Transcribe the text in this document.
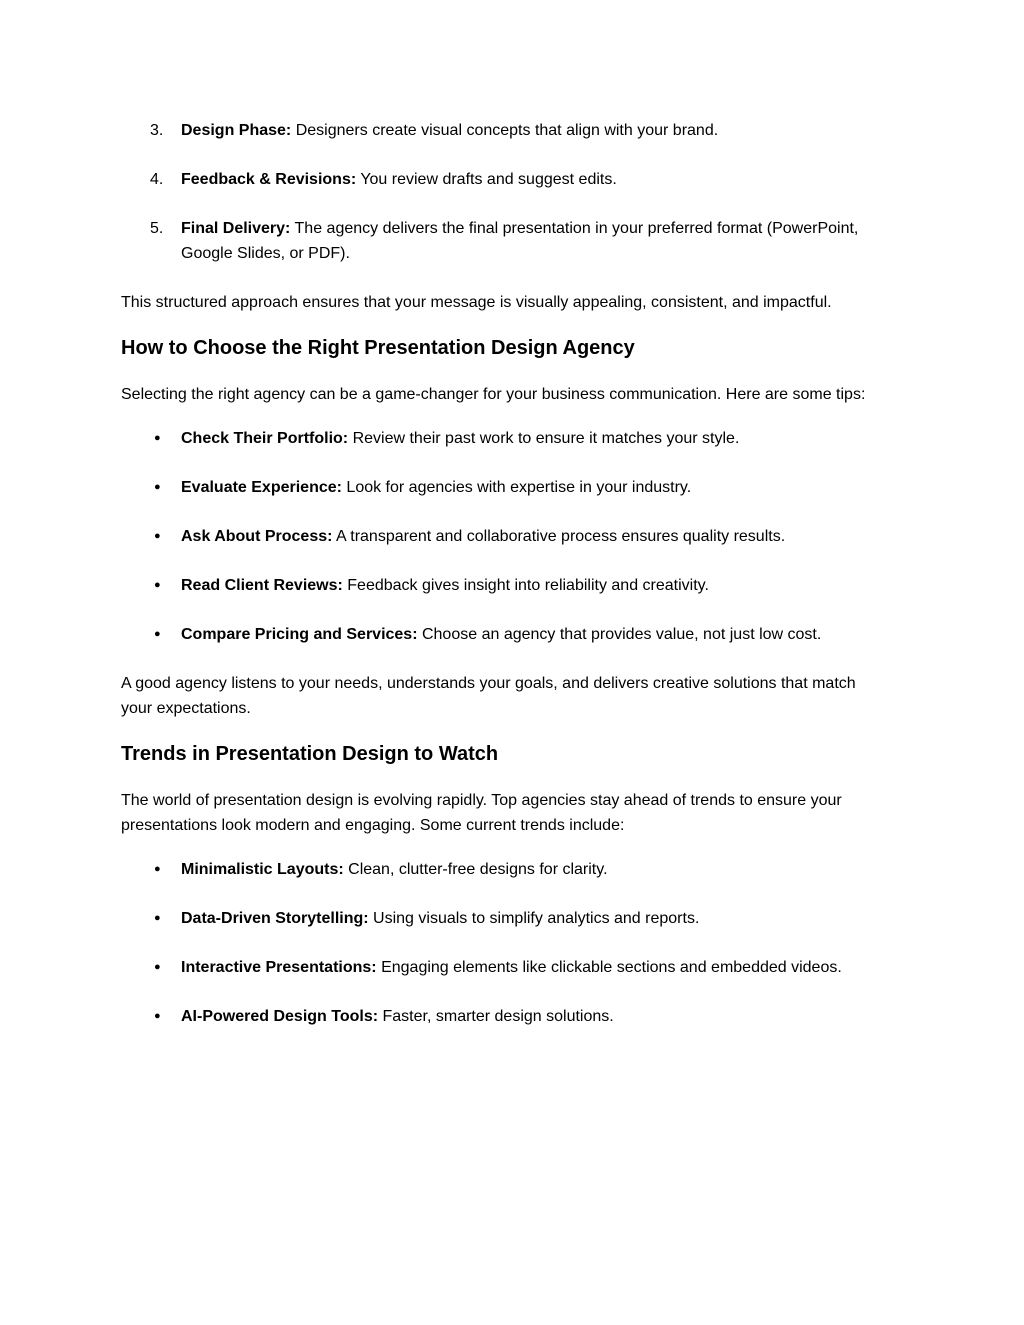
3.	Design Phase: Designers create visual concepts that align with your brand.
4.	Feedback & Revisions: You review drafts and suggest edits.
5.	Final Delivery: The agency delivers the final presentation in your preferred format (PowerPoint, Google Slides, or PDF).

This structured approach ensures that your message is visually appealing, consistent, and impactful.

How to Choose the Right Presentation Design Agency

Selecting the right agency can be a game-changer for your business communication. Here are some tips:

●	Check Their Portfolio: Review their past work to ensure it matches your style.
●	Evaluate Experience: Look for agencies with expertise in your industry.
●	Ask About Process: A transparent and collaborative process ensures quality results.
●	Read Client Reviews: Feedback gives insight into reliability and creativity.
●	Compare Pricing and Services: Choose an agency that provides value, not just low cost.

A good agency listens to your needs, understands your goals, and delivers creative solutions that match your expectations.

Trends in Presentation Design to Watch

The world of presentation design is evolving rapidly. Top agencies stay ahead of trends to ensure your presentations look modern and engaging. Some current trends include:

●	Minimalistic Layouts: Clean, clutter-free designs for clarity.
●	Data-Driven Storytelling: Using visuals to simplify analytics and reports.
●	Interactive Presentations: Engaging elements like clickable sections and embedded videos.
●	AI-Powered Design Tools: Faster, smarter design solutions.
